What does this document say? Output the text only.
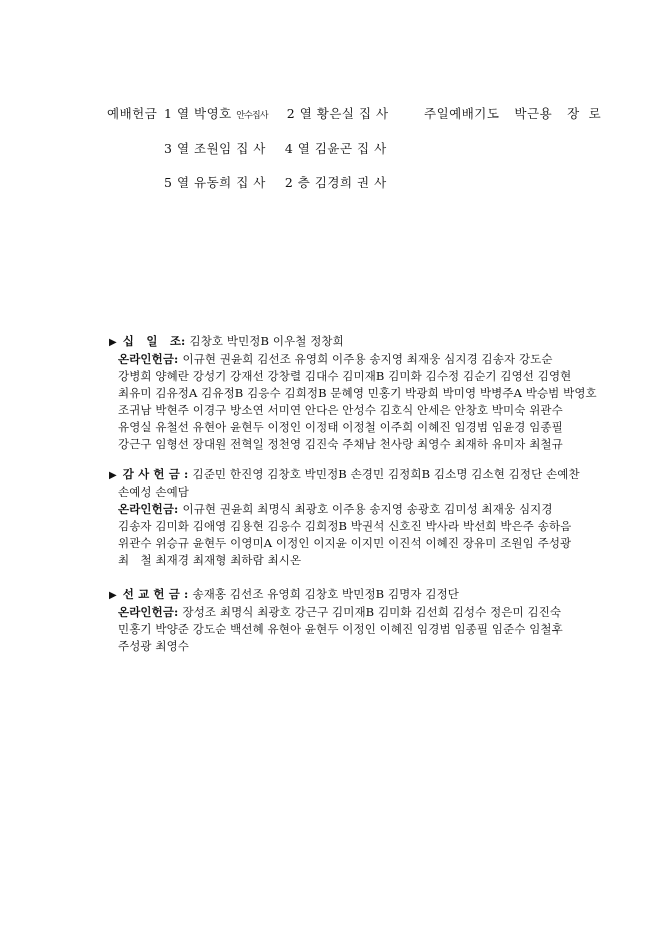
예배헌금 1 열 박영호 안수집사 2 열 황은실 집 사	주일예배기도 박근용 장  로
3 열 조원임 집 사 4 열 김윤곤 집 사
5 열 유동희 집 사 2 층 김경희 권 사
▶ 십   일   조: 김창호 박민정B 이우철 정창희
온라인헌금: 이규현 권윤희 김선조 유영희 이주용 송지영 최재웅 심지경 김송자 강도순
강병희 양혜란 강성기 강재선 강창렬 김대수 김미재B 김미화 김수정 김순기 김영선 김영현
최유미 김유정A 김유정B 김응수 김희정B 문혜영 민홍기 박광희 박미영 박병주A 박승범 박영호
조귀남 박현주 이경구 방소연 서미연 안다은 안성수 김호식 안세은 안창호 박미숙 위관수
유영실 유철선 유현아 윤현두 이정인 이정태 이정철 이주희 이혜진 임경범 임윤경 임종필
강근구 임형선 장대원 전혁일 정천영 김진숙 주채남 천사랑 최영수 최재하 유미자 최철규
▶ 감 사 헌 금 : 김준민 한진영 김창호 박민정B 손경민 김정희B 김소명 김소현 김정단 손예찬
손예성 손예담
온라인헌금: 이규현 권윤희 최명식 최광호 이주용 송지영 송광호 김미성 최재웅 심지경
김송자 김미화 김애영 김용현 김응수 김희정B 박권석 신호진 박사라 박선희 박은주 송하음
위관수 위승규 윤현두 이영미A 이정인 이지윤 이지민 이진석 이혜진 장유미 조원임 주성광
최   철 최재경 최재형 최하람 최시온
▶ 선 교 헌 금 : 송재홍 김선조 유영희 김창호 박민정B 김명자 김정단
온라인헌금: 장성조 최명식 최광호 강근구 김미재B 김미화 김선희 김성수 정은미 김진숙
민홍기 박양준 강도순 백선혜 유현아 윤현두 이정인 이혜진 임경범 임종필 임준수 임철후
주성광 최영수
